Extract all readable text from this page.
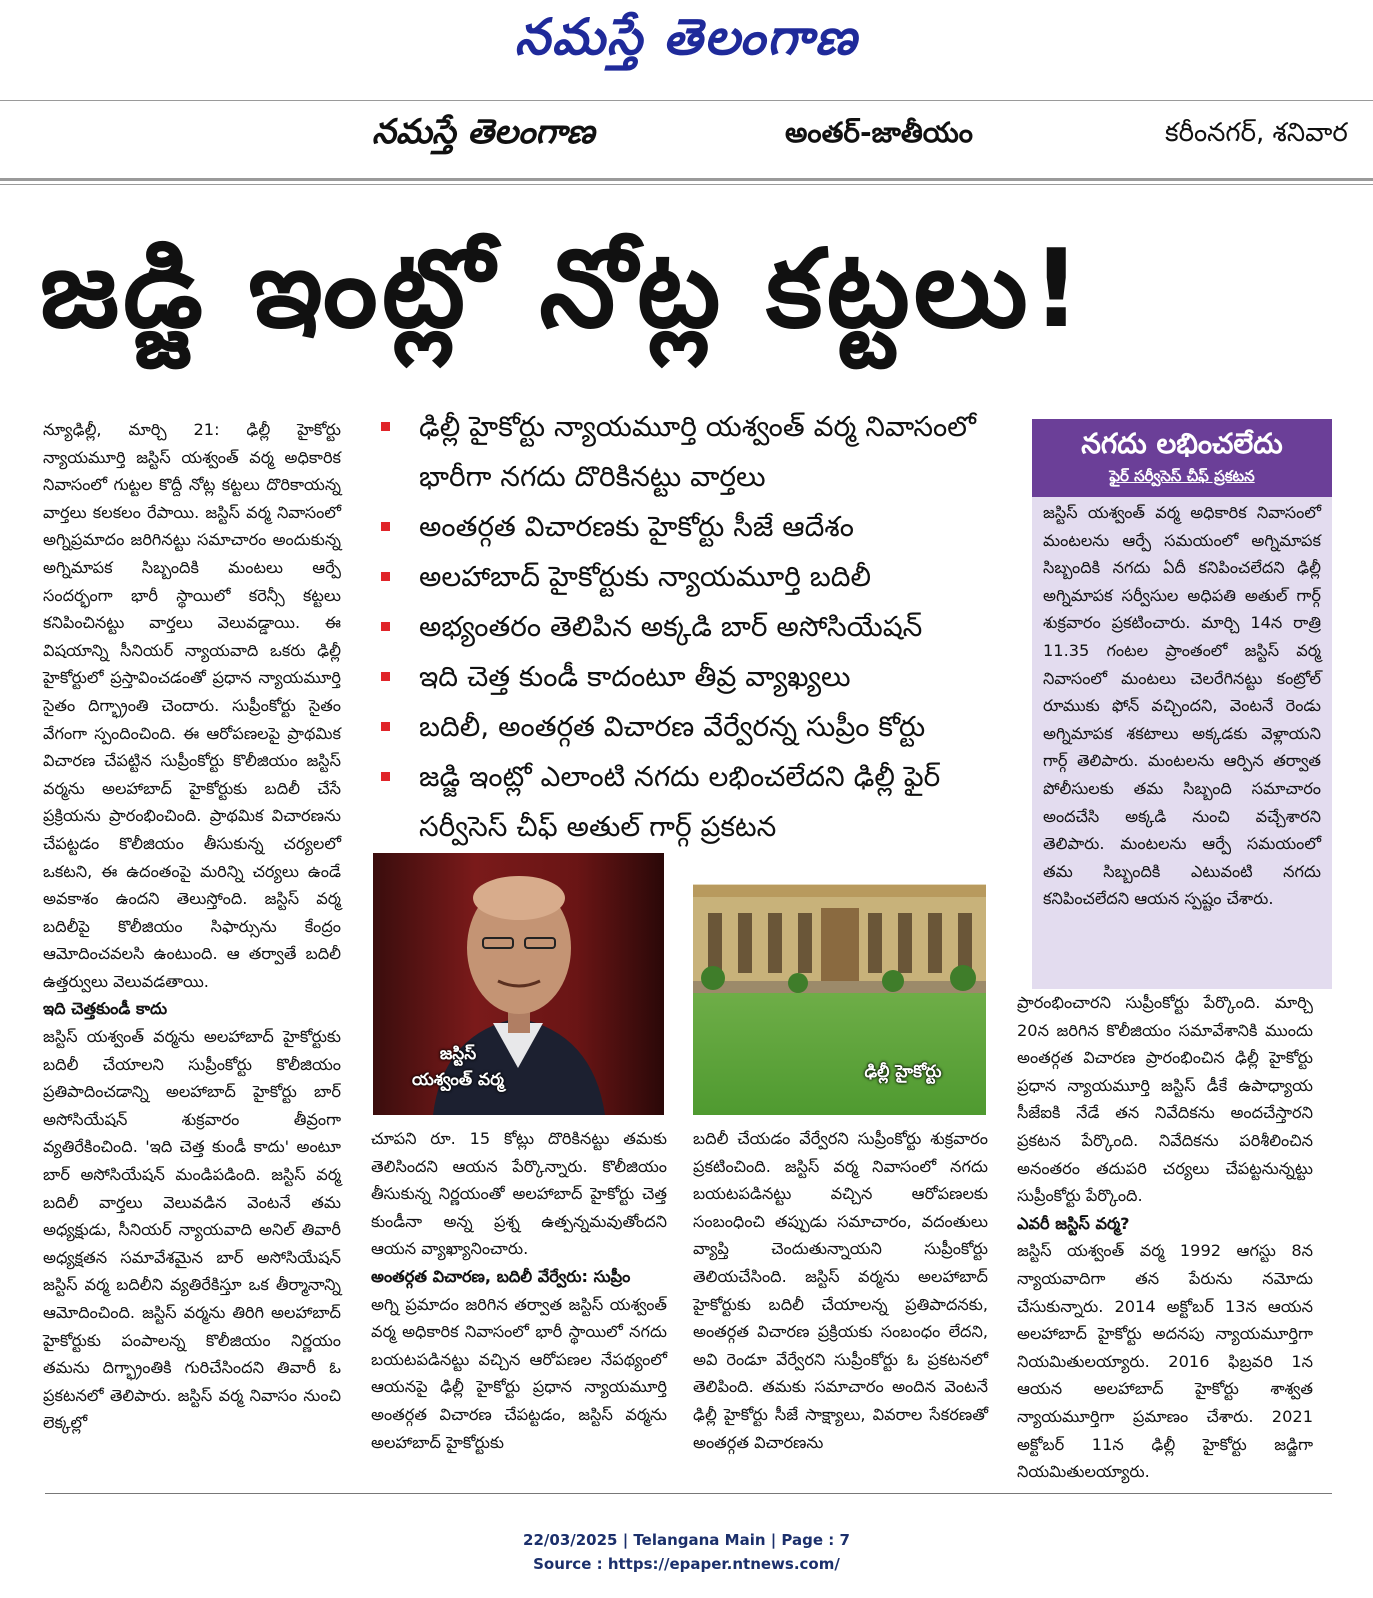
నమస్తే తెలంగాణ
నమస్తే తెలంగాణ	అంతర్-జాతీయం	కరీంనగర్, శనివార
జడ్జి ఇంట్లో నోట్ల కట్టలు!
ఢిల్లీ హైకోర్టు న్యాయమూర్తి యశ్వంత్ వర్మ నివాసంలో భారీగా నగదు దొరికినట్టు వార్తలు
అంతర్గత విచారణకు హైకోర్టు సీజే ఆదేశం
అలహాబాద్ హైకోర్టుకు న్యాయమూర్తి బదిలీ
అభ్యంతరం తెలిపిన అక్కడి బార్ అసోసియేషన్
ఇది చెత్త కుండీ కాదంటూ తీవ్ర వ్యాఖ్యలు
బదిలీ, అంతర్గత విచారణ వేర్వేరన్న సుప్రీం కోర్టు
జడ్జి ఇంట్లో ఎలాంటి నగదు లభించలేదని ఢిల్లీ ఫైర్ సర్వీసెస్ చీఫ్ అతుల్ గార్గ్ ప్రకటన

న్యూఢిల్లీ, మార్చి 21: ఢిల్లీ హైకోర్టు న్యాయమూర్తి జస్టిస్ యశ్వంత్ వర్మ అధికారిక నివాసంలో గుట్టల కొద్దీ నోట్ల కట్టలు దొరికాయన్న వార్తలు కలకలం రేపాయి. జస్టిస్ వర్మ నివాసంలో అగ్నిప్రమాదం జరిగినట్టు సమాచారం అందుకున్న అగ్నిమాపక సిబ్బందికి మంటలు ఆర్పే సందర్భంగా భారీ స్థాయిలో కరెన్సీ కట్టలు కనిపించినట్టు వార్తలు వెలువడ్డాయి. ఈ విషయాన్ని సీనియర్ న్యాయవాది ఒకరు ఢిల్లీ హైకోర్టులో ప్రస్తావించడంతో ప్రధాన న్యాయమూర్తి సైతం దిగ్భ్రాంతి చెందారు. సుప్రీంకోర్టు సైతం వేగంగా స్పందించింది. ఈ ఆరోపణలపై ప్రాథమిక విచారణ చేపట్టిన సుప్రీంకోర్టు కొలీజియం జస్టిస్ వర్మను అలహాబాద్ హైకోర్టుకు బదిలీ చేసే ప్రక్రియను ప్రారంభించింది. ప్రాథమిక విచారణను చేపట్టడం కొలీజియం తీసుకున్న చర్యలలో ఒకటని, ఈ ఉదంతంపై మరిన్ని చర్యలు ఉండే అవకాశం ఉందని తెలుస్తోంది. జస్టిస్ వర్మ బదిలీపై కొలీజియం సిఫార్సును కేంద్రం ఆమోదించవలసి ఉంటుంది. ఆ తర్వాతే బదిలీ ఉత్తర్వులు వెలువడతాయి.

ఇది చెత్తకుండీ కాదు

జస్టిస్ యశ్వంత్ వర్మను అలహాబాద్ హైకోర్టుకు బదిలీ చేయాలని సుప్రీంకోర్టు కొలీజియం ప్రతిపాదించడాన్ని అలహాబాద్ హైకోర్టు బార్ అసోసియేషన్ శుక్రవారం తీవ్రంగా వ్యతిరేకించింది. 'ఇది చెత్త కుండీ కాదు' అంటూ బార్ అసోసియేషన్ మండిపడింది. జస్టిస్ వర్మ బదిలీ వార్తలు వెలువడిన వెంటనే తమ అధ్యక్షుడు, సీనియర్ న్యాయవాది అనిల్ తివారీ అధ్యక్షతన సమావేశమైన బార్ అసోసియేషన్ జస్టిస్ వర్మ బదిలీని వ్యతిరేకిస్తూ ఒక తీర్మానాన్ని ఆమోదించింది. జస్టిస్ వర్మను తిరిగి అలహాబాద్ హైకోర్టుకు పంపాలన్న కొలీజియం నిర్ణయం తమను దిగ్భ్రాంతికి గురిచేసిందని తివారీ ఓ ప్రకటనలో తెలిపారు. జస్టిస్ వర్మ నివాసం నుంచి లెక్కల్లో

జస్టిస్
యశ్వంత్ వర్మ	ఢిల్లీ హైకోర్టు

చూపని రూ. 15 కోట్లు దొరికినట్టు తమకు తెలిసిందని ఆయన పేర్కొన్నారు. కొలీజియం తీసుకున్న నిర్ణయంతో అలహాబాద్ హైకోర్టు చెత్త కుండీనా అన్న ప్రశ్న ఉత్పన్నమవుతోందని ఆయన వ్యాఖ్యానించారు.

అంతర్గత విచారణ, బదిలీ వేర్వేరు: సుప్రీం

అగ్ని ప్రమాదం జరిగిన తర్వాత జస్టిస్ యశ్వంత్ వర్మ అధికారిక నివాసంలో భారీ స్థాయిలో నగదు బయటపడినట్టు వచ్చిన ఆరోపణల నేపథ్యంలో ఆయనపై ఢిల్లీ హైకోర్టు ప్రధాన న్యాయమూర్తి అంతర్గత విచారణ చేపట్టడం, జస్టిస్ వర్మను అలహాబాద్ హైకోర్టుకు

బదిలీ చేయడం వేర్వేరని సుప్రీంకోర్టు శుక్రవారం ప్రకటించింది. జస్టిస్ వర్మ నివాసంలో నగదు బయటపడినట్టు వచ్చిన ఆరోపణలకు సంబంధించి తప్పుడు సమాచారం, వదంతులు వ్యాప్తి చెందుతున్నాయని సుప్రీంకోర్టు తెలియచేసింది. జస్టిస్ వర్మను అలహాబాద్ హైకోర్టుకు బదిలీ చేయాలన్న ప్రతిపాదనకు, అంతర్గత విచారణ ప్రక్రియకు సంబంధం లేదని, అవి రెండూ వేర్వేరని సుప్రీంకోర్టు ఓ ప్రకటనలో తెలిపింది. తమకు సమాచారం అందిన వెంటనే ఢిల్లీ హైకోర్టు సీజే సాక్ష్యాలు, వివరాల సేకరణతో అంతర్గత విచారణను

నగదు లభించలేదు
ఫైర్ సర్వీసెస్ చీఫ్ ప్రకటన

జస్టిస్ యశ్వంత్ వర్మ అధికారిక నివాసంలో మంటలను ఆర్పే సమయంలో అగ్నిమాపక సిబ్బందికి నగదు ఏదీ కనిపించలేదని ఢిల్లీ అగ్నిమాపక సర్వీసుల అధిపతి అతుల్ గార్గ్ శుక్రవారం ప్రకటించారు. మార్చి 14న రాత్రి 11.35 గంటల ప్రాంతంలో జస్టిస్ వర్మ నివాసంలో మంటలు చెలరేగినట్టు కంట్రోల్ రూముకు ఫోన్ వచ్చిందని, వెంటనే రెండు అగ్నిమాపక శకటాలు అక్కడకు వెళ్లాయని గార్గ్ తెలిపారు. మంటలను ఆర్పిన తర్వాత పోలీసులకు తమ సిబ్బంది సమాచారం అందచేసి అక్కడి నుంచి వచ్చేశారని తెలిపారు. మంటలను ఆర్పే సమయంలో తమ సిబ్బందికి ఎటువంటి నగదు కనిపించలేదని ఆయన స్పష్టం చేశారు.

ప్రారంభించారని సుప్రీంకోర్టు పేర్కొంది. మార్చి 20న జరిగిన కొలీజియం సమావేశానికి ముందు అంతర్గత విచారణ ప్రారంభించిన ఢిల్లీ హైకోర్టు ప్రధాన న్యాయమూర్తి జస్టిస్ డీకే ఉపాధ్యాయ సీజేఐకి నేడే తన నివేదికను అందచేస్తారని ప్రకటన పేర్కొంది. నివేదికను పరిశీలించిన అనంతరం తదుపరి చర్యలు చేపట్టనున్నట్టు సుప్రీంకోర్టు పేర్కొంది.

ఎవరీ జస్టిస్ వర్మ?

జస్టిస్ యశ్వంత్ వర్మ 1992 ఆగస్టు 8న న్యాయవాదిగా తన పేరును నమోదు చేసుకున్నారు. 2014 అక్టోబర్ 13న ఆయన అలహాబాద్ హైకోర్టు అదనపు న్యాయమూర్తిగా నియమితులయ్యారు. 2016 ఫిబ్రవరి 1న ఆయన అలహాబాద్ హైకోర్టు శాశ్వత న్యాయమూర్తిగా ప్రమాణం చేశారు. 2021 అక్టోబర్ 11న ఢిల్లీ హైకోర్టు జడ్జిగా నియమితులయ్యారు.

22/03/2025 | Telangana Main | Page : 7
Source : https://epaper.ntnews.com/
